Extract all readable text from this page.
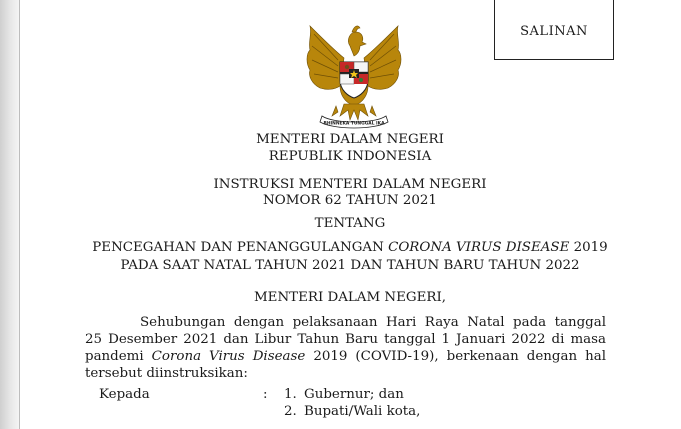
SALINAN
BHINNEKA TUNGGAL IKA
MENTERI DALAM NEGERI
REPUBLIK INDONESIA
INSTRUKSI MENTERI DALAM NEGERI
NOMOR 62 TAHUN 2021
TENTANG
PENCEGAHAN DAN PENANGGULANGAN CORONA VIRUS DISEASE 2019
PADA SAAT NATAL TAHUN 2021 DAN TAHUN BARU TAHUN 2022
MENTERI DALAM NEGERI,
Sehubungan dengan pelaksanaan Hari Raya Natal pada tanggal
25 Desember 2021 dan Libur Tahun Baru tanggal 1 Januari 2022 di masa
pandemi Corona Virus Disease 2019 (COVID-19), berkenaan dengan hal
tersebut diinstruksikan:
Kepada	: 1. Gubernur; dan
2. Bupati/Wali kota,
